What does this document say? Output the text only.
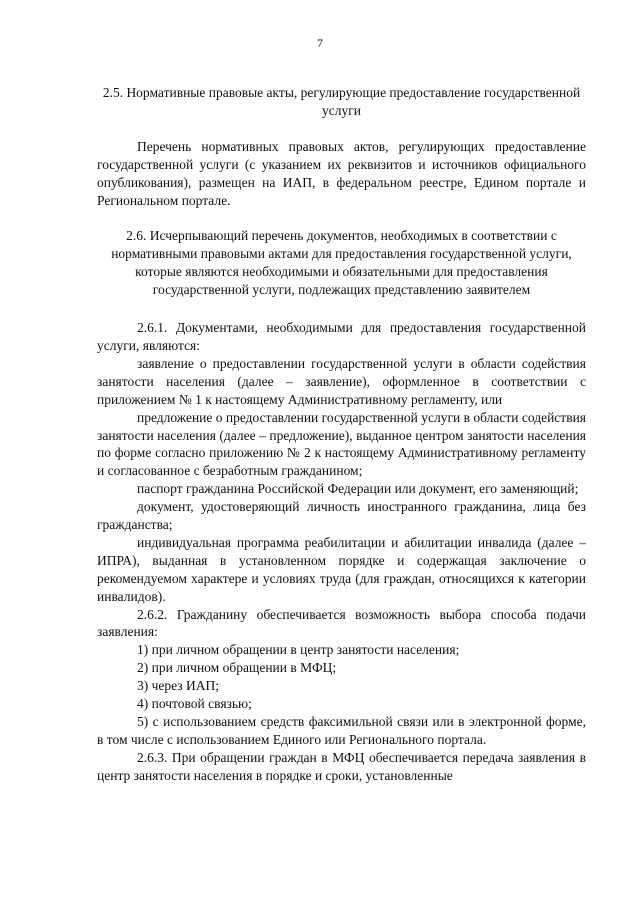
7

2.5. Нормативные правовые акты, регулирующие предоставление государственной услуги

Перечень нормативных правовых актов, регулирующих предоставление государственной услуги (с указанием их реквизитов и источников официального опубликования), размещен на ИАП, в федеральном реестре, Едином портале и Региональном портале.

2.6. Исчерпывающий перечень документов, необходимых в соответствии с нормативными правовыми актами для предоставления государственной услуги, которые являются необходимыми и обязательными для предоставления государственной услуги, подлежащих представлению заявителем

2.6.1. Документами, необходимыми для предоставления государственной услуги, являются:

заявление о предоставлении государственной услуги в области содействия занятости населения (далее – заявление), оформленное в соответствии с приложением № 1 к настоящему Административному регламенту, или

предложение о предоставлении государственной услуги в области содействия занятости населения (далее – предложение), выданное центром занятости населения по форме согласно приложению № 2 к настоящему Административному регламенту и согласованное с безработным гражданином;

паспорт гражданина Российской Федерации или документ, его заменяющий;

документ, удостоверяющий личность иностранного гражданина, лица без гражданства;

индивидуальная программа реабилитации и абилитации инвалида (далее – ИПРА), выданная в установленном порядке и содержащая заключение о рекомендуемом характере и условиях труда (для граждан, относящихся к категории инвалидов).

2.6.2. Гражданину обеспечивается возможность выбора способа подачи заявления:

1) при личном обращении в центр занятости населения;

2) при личном обращении в МФЦ;

3) через ИАП;

4) почтовой связью;

5) с использованием средств факсимильной связи или в электронной форме, в том числе с использованием Единого или Регионального портала.

2.6.3. При обращении граждан в МФЦ обеспечивается передача заявления в центр занятости населения в порядке и сроки, установленные
